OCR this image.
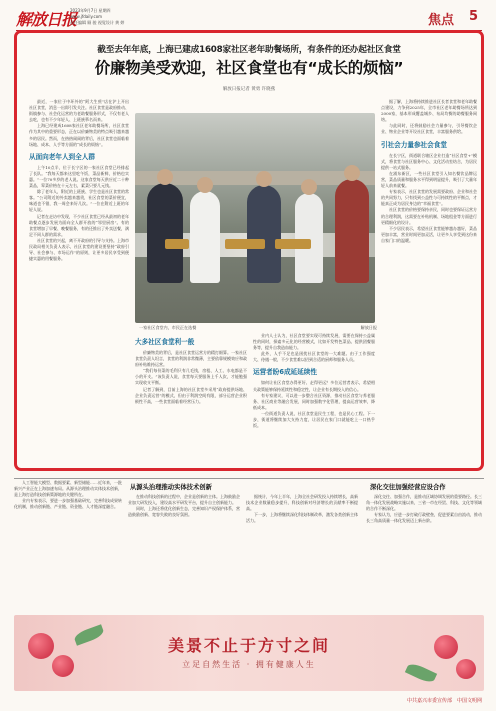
解放日报
2023年9月7日 星期四
www.jfdaily.com
责任编辑 顾 骏 视觉设计 黄 婷	焦点 5
截至去年年底，上海已建成1608家社区老年助餐场所，有条件的还办起社区食堂
价廉物美受欢迎，社区食堂也有“成长的烦恼”
解放日报记者 黄勇 许晓燕

最近，一家位于中环外的“阿大生煎”店在沪上开出社区食堂，消息一出即引发关注。社区食堂是政府推动、街镇参与、社会化运营的为老助餐服务形式，不仅有老人去吃，也有不少年轻人、上班族慕名而来。

上海已经建成1608家社区老年助餐场所，社区食堂作为其中的重要形态，正在以价廉物美的特点吸引越来越多的居民。然而，在热热闹闹的背后，社区食堂也面临着场地、成本、人手等方面的“成长的烦恼”。

从面向老年人到全人群

上午10点半，位于长宁区的一家社区食堂已经排起了长队。“我每天都来这里吃午饭，菜品新鲜，价格也实惠。”一位70多岁的老人说。这家食堂每天供应近二十种菜品，荤菜价格在十元左右，素菜只要几元钱。

除了老年人，附近的上班族、学生也是社区食堂的常客。“公司附近的外卖越来越贵，社区食堂的菜价便宜，味道也不错，我一周会来好几次。”一位在附近上班的年轻人说。

记者在走访中发现，不少社区食堂已经从最初的老年助餐点逐步发展为面向全人群开放的“邻里厨房”。有的食堂增加了早餐、晚餐服务，有的还推出了外卖送餐，满足不同人群的需求。

社区食堂的兴起，离不开政府的引导与支持。上海市民政局相关负责人表示，社区食堂的建设要坚持“政府引导、社会参与、市场运作”的原则，让更多居民享受到便捷实惠的用餐服务。

一家社区食堂内，市民正在选餐	解放日报
大多社区食堂利一般

价廉物美的背后，是社区食堂运营方的精打细算。一家社区食堂负责人坦言，食堂的利润非常微薄，主要依靠规模效应和政府补贴维持运营。

“我们每份菜的毛利只有几毛钱，房租、人工、水电都是不小的开支。”该负责人说，食堂每天要服务上千人次，才能勉强实现收支平衡。

记者了解到，目前上海的社区食堂多采用“政府提供场地、企业负责运营”的模式，但由于利润空间有限，部分运营企业积极性不高，一些食堂面临着经营压力。

业内人士认为，社区食堂要实现可持续发展，需要在保持公益属性的同时，探索多元化的经营模式，比如开发特色菜品、提供团餐服务等，提升自我造血能力。

此外，人手不足也是困扰社区食堂的一大难题。由于工作强度大、待遇一般，不少食堂难以招到合适的厨师和服务人员。

运营者盼6成延延续性

如何让社区食堂办得更好、走得更远？多位运营者表示，希望相关政策能够保持延续性和稳定性，让企业有长期投入的信心。

有专家建议，可以进一步整合社区资源，推动社区食堂与养老服务、社区商业等融合发展，同时加强数字化管理，提高运营效率，降低成本。

一位街道负责人说，社区食堂是民生工程，也是民心工程。下一步，街道将继续加大支持力度，让居民在家门口就能吃上一口热乎饭。

据了解，上海将持续推进社区长者食堂和老年助餐点建设，力争到2025年，全市社区老年助餐场所达到2000家，基本形成覆盖城乡、布局均衡的助餐服务网络。

与此同时，还将鼓励社会力量参与，引导餐饮企业、物业企业等开设社区食堂，丰富服务供给。

引社会力量参社会食堂

在长宁区，街道联合辖区企业打造“社区食堂+”模式，将食堂与社区服务中心、文化活动室结合，为居民提供一站式服务。

在浦东新区，一些社区食堂引入知名餐饮品牌运营，菜品质量和服务水平得到明显提升，吸引了大量年轻人前来就餐。

专家表示，社区食堂的发展需要政府、企业和社会的共同努力，只有找到公益性与可持续性的平衡点，才能真正成为居民身边的“幸福食堂”。

社区食堂的价格要保持亲民，同时也要保证运营方的合理利润，这需要在补贴机制、场地租金等方面进行更精细化的设计。

不少居民表示，希望社区食堂能够越办越好，菜品更加丰富，营业时间更加灵活，让更多人享受到这份来自家门口的温暖。

从源头治理推动实体技术创新	深化交往加强经营应设合作

人工智能大模型、数据要素、新型储能……近年来，一批新兴产业正在上海加速布局。从源头治理推动实体技术创新，是上海打造科技创新策源地的关键所在。

业内专家表示，要进一步加强基础研究，完善科技成果转化机制，推动创新链、产业链、资金链、人才链深度融合。

在推动科技创新的过程中，企业是创新的主体。上海鼓励企业加大研发投入，建设高水平研发平台，提升自主创新能力。

同时，上海还将优化创新生态，完善知识产权保护体系，营造鼓励创新、宽容失败的良好氛围。

据统计，今年上半年，上海全社会研发投入持续增长，高新技术企业数量稳步提升，科技创新对经济增长的贡献率不断提高。

下一步，上海将继续深化科技体制改革，激发各类创新主体活力。

深化交往、加强合作，是推动区域协调发展的重要路径。长三角一体化发展战略实施以来，三省一市在经贸、科技、文化等领域的合作不断深化。

专家认为，应进一步打破行政壁垒，促进要素自由流动，推动长三角高质量一体化发展迈上新台阶。

美景不止于方寸之间
立足自然生活 · 拥有健康人生
中共嘉兴市委宣传部　中国文明网
